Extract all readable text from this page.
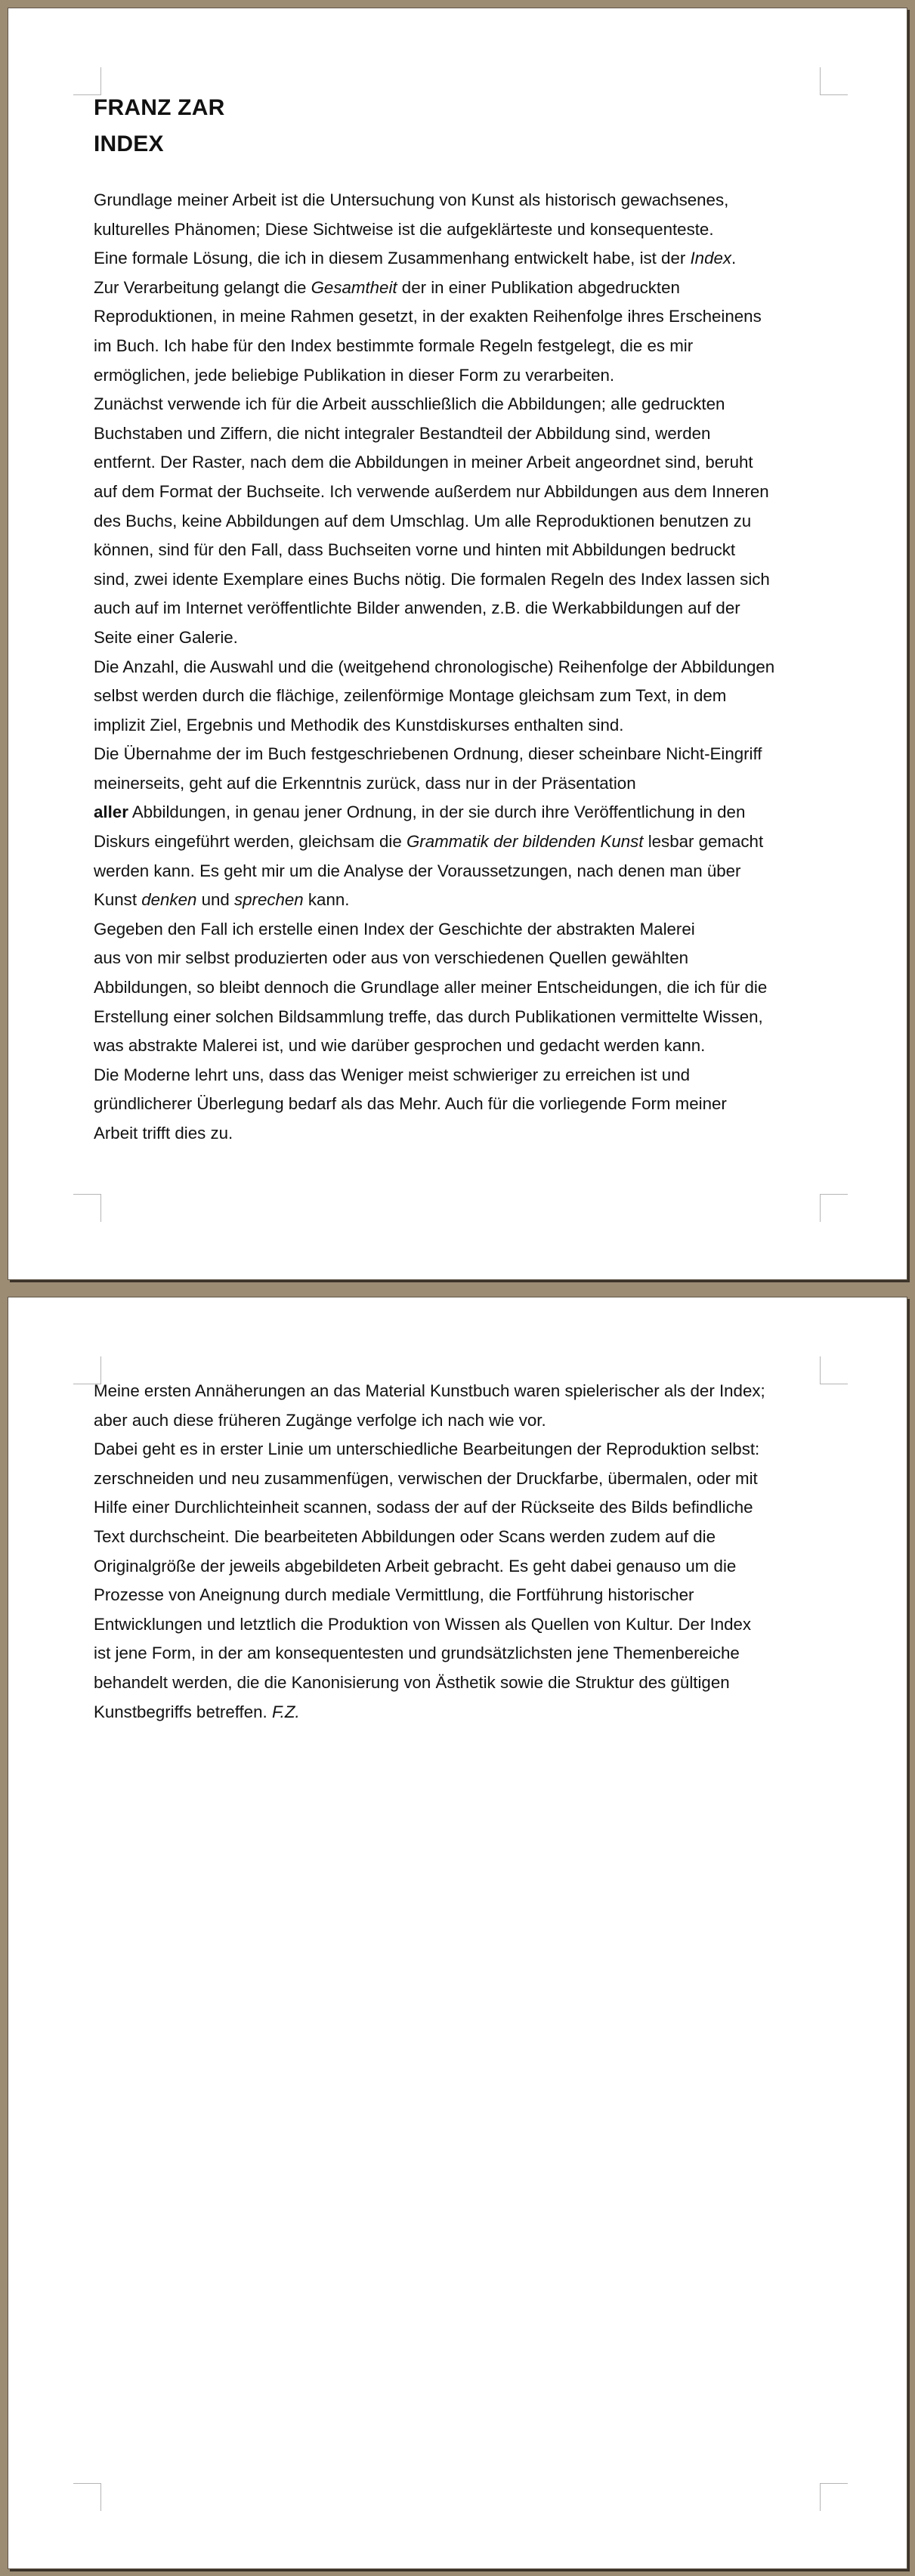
FRANZ ZAR
INDEX
Grundlage meiner Arbeit ist die Untersuchung von Kunst als historisch gewachsenes,
kulturelles Phänomen; Diese Sichtweise ist die aufgeklärteste und konsequenteste.
Eine formale Lösung, die ich in diesem Zusammenhang entwickelt habe, ist der Index.
Zur Verarbeitung gelangt die Gesamtheit der in einer Publikation abgedruckten
Reproduktionen, in meine Rahmen gesetzt, in der exakten Reihenfolge ihres Erscheinens
im Buch. Ich habe für den Index bestimmte formale Regeln festgelegt, die es mir
ermöglichen, jede beliebige Publikation in dieser Form zu verarbeiten.
Zunächst verwende ich für die Arbeit ausschließlich die Abbildungen; alle gedruckten
Buchstaben und Ziffern, die nicht integraler Bestandteil der Abbildung sind, werden
entfernt. Der Raster, nach dem die Abbildungen in meiner Arbeit angeordnet sind, beruht
auf dem Format der Buchseite. Ich verwende außerdem nur Abbildungen aus dem Inneren
des Buchs, keine Abbildungen auf dem Umschlag. Um alle Reproduktionen benutzen zu
können, sind für den Fall, dass Buchseiten vorne und hinten mit Abbildungen bedruckt
sind, zwei idente Exemplare eines Buchs nötig. Die formalen Regeln des Index lassen sich
auch auf im Internet veröffentlichte Bilder anwenden, z.B. die Werkabbildungen auf der
Seite einer Galerie.
Die Anzahl, die Auswahl und die (weitgehend chronologische) Reihenfolge der Abbildungen
selbst werden durch die flächige, zeilenförmige Montage gleichsam zum Text, in dem
implizit Ziel, Ergebnis und Methodik des Kunstdiskurses enthalten sind.
Die Übernahme der im Buch festgeschriebenen Ordnung, dieser scheinbare Nicht-Eingriff
meinerseits, geht auf die Erkenntnis zurück, dass nur in der Präsentation
aller Abbildungen, in genau jener Ordnung, in der sie durch ihre Veröffentlichung in den
Diskurs eingeführt werden, gleichsam die Grammatik der bildenden Kunst lesbar gemacht
werden kann. Es geht mir um die Analyse der Voraussetzungen, nach denen man über
Kunst denken und sprechen kann.
Gegeben den Fall ich erstelle einen Index der Geschichte der abstrakten Malerei
aus von mir selbst produzierten oder aus von verschiedenen Quellen gewählten
Abbildungen, so bleibt dennoch die Grundlage aller meiner Entscheidungen, die ich für die
Erstellung einer solchen Bildsammlung treffe, das durch Publikationen vermittelte Wissen,
was abstrakte Malerei ist, und wie darüber gesprochen und gedacht werden kann.
Die Moderne lehrt uns, dass das Weniger meist schwieriger zu erreichen ist und
gründlicherer Überlegung bedarf als das Mehr. Auch für die vorliegende Form meiner
Arbeit trifft dies zu.
Meine ersten Annäherungen an das Material Kunstbuch waren spielerischer als der Index;
aber auch diese früheren Zugänge verfolge ich nach wie vor.
Dabei geht es in erster Linie um unterschiedliche Bearbeitungen der Reproduktion selbst:
zerschneiden und neu zusammenfügen, verwischen der Druckfarbe, übermalen, oder mit
Hilfe einer Durchlichteinheit scannen, sodass der auf der Rückseite des Bilds befindliche
Text durchscheint. Die bearbeiteten Abbildungen oder Scans werden zudem auf die
Originalgröße der jeweils abgebildeten Arbeit gebracht. Es geht dabei genauso um die
Prozesse von Aneignung durch mediale Vermittlung, die Fortführung historischer
Entwicklungen und letztlich die Produktion von Wissen als Quellen von Kultur. Der Index
ist jene Form, in der am konsequentesten und grundsätzlichsten jene Themenbereiche
behandelt werden, die die Kanonisierung von Ästhetik sowie die Struktur des gültigen
Kunstbegriffs betreffen. F.Z.
